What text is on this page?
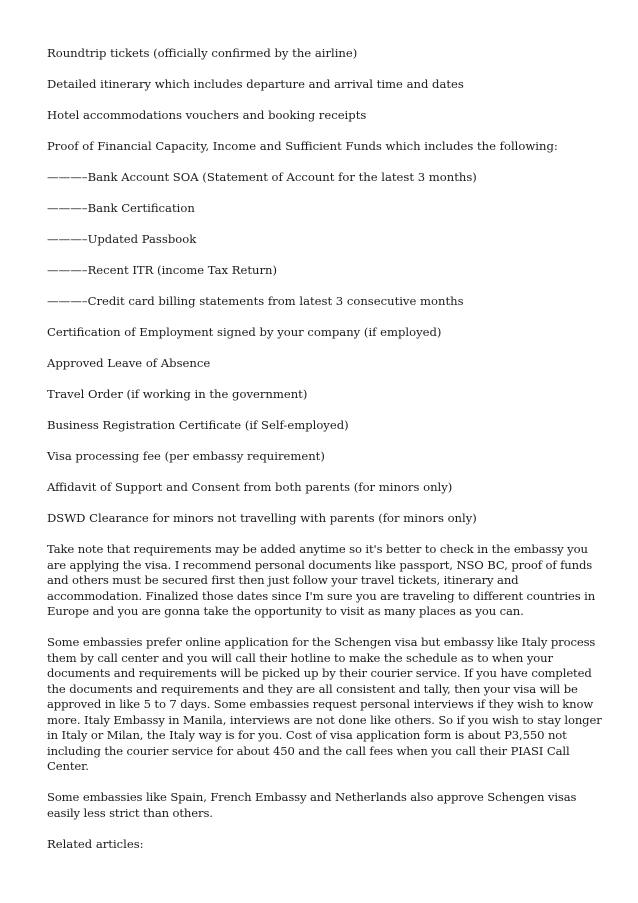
Roundtrip tickets (officially confirmed by the airline)
Detailed itinerary which includes departure and arrival time and dates
Hotel accommodations vouchers and booking receipts
Proof of Financial Capacity, Income and Sufficient Funds which includes the following:
———–Bank Account SOA (Statement of Account for the latest 3 months)
———–Bank Certification
———–Updated Passbook
———–Recent ITR (income Tax Return)
———–Credit card billing statements from latest 3 consecutive months
Certification of Employment signed by your company (if employed)
Approved Leave of Absence
Travel Order (if working in the government)
Business Registration Certificate (if Self-employed)
Visa processing fee (per embassy requirement)
Affidavit of Support and Consent from both parents (for minors only)
DSWD Clearance for minors not travelling with parents (for minors only)

Take note that requirements may be added anytime so it's better to check in the embassy you are applying the visa. I recommend personal documents like passport, NSO BC, proof of funds and others must be secured first then just follow your travel tickets, itinerary and accommodation. Finalized those dates since I'm sure you are traveling to different countries in Europe and you are gonna take the opportunity to visit as many places as you can.

Some embassies prefer online application for the Schengen visa but embassy like Italy process them by call center and you will call their hotline to make the schedule as to when your documents and requirements will be picked up by their courier service. If you have completed the documents and requirements and they are all consistent and tally, then your visa will be approved in like 5 to 7 days. Some embassies request personal interviews if they wish to know more. Italy Embassy in Manila, interviews are not done like others. So if you wish to stay longer in Italy or Milan, the Italy way is for you. Cost of visa application form is about P3,550 not including the courier service for about 450 and the call fees when you call their PIASI Call Center.

Some embassies like Spain, French Embassy and Netherlands also approve Schengen visas easily less strict than others.

Related articles:
